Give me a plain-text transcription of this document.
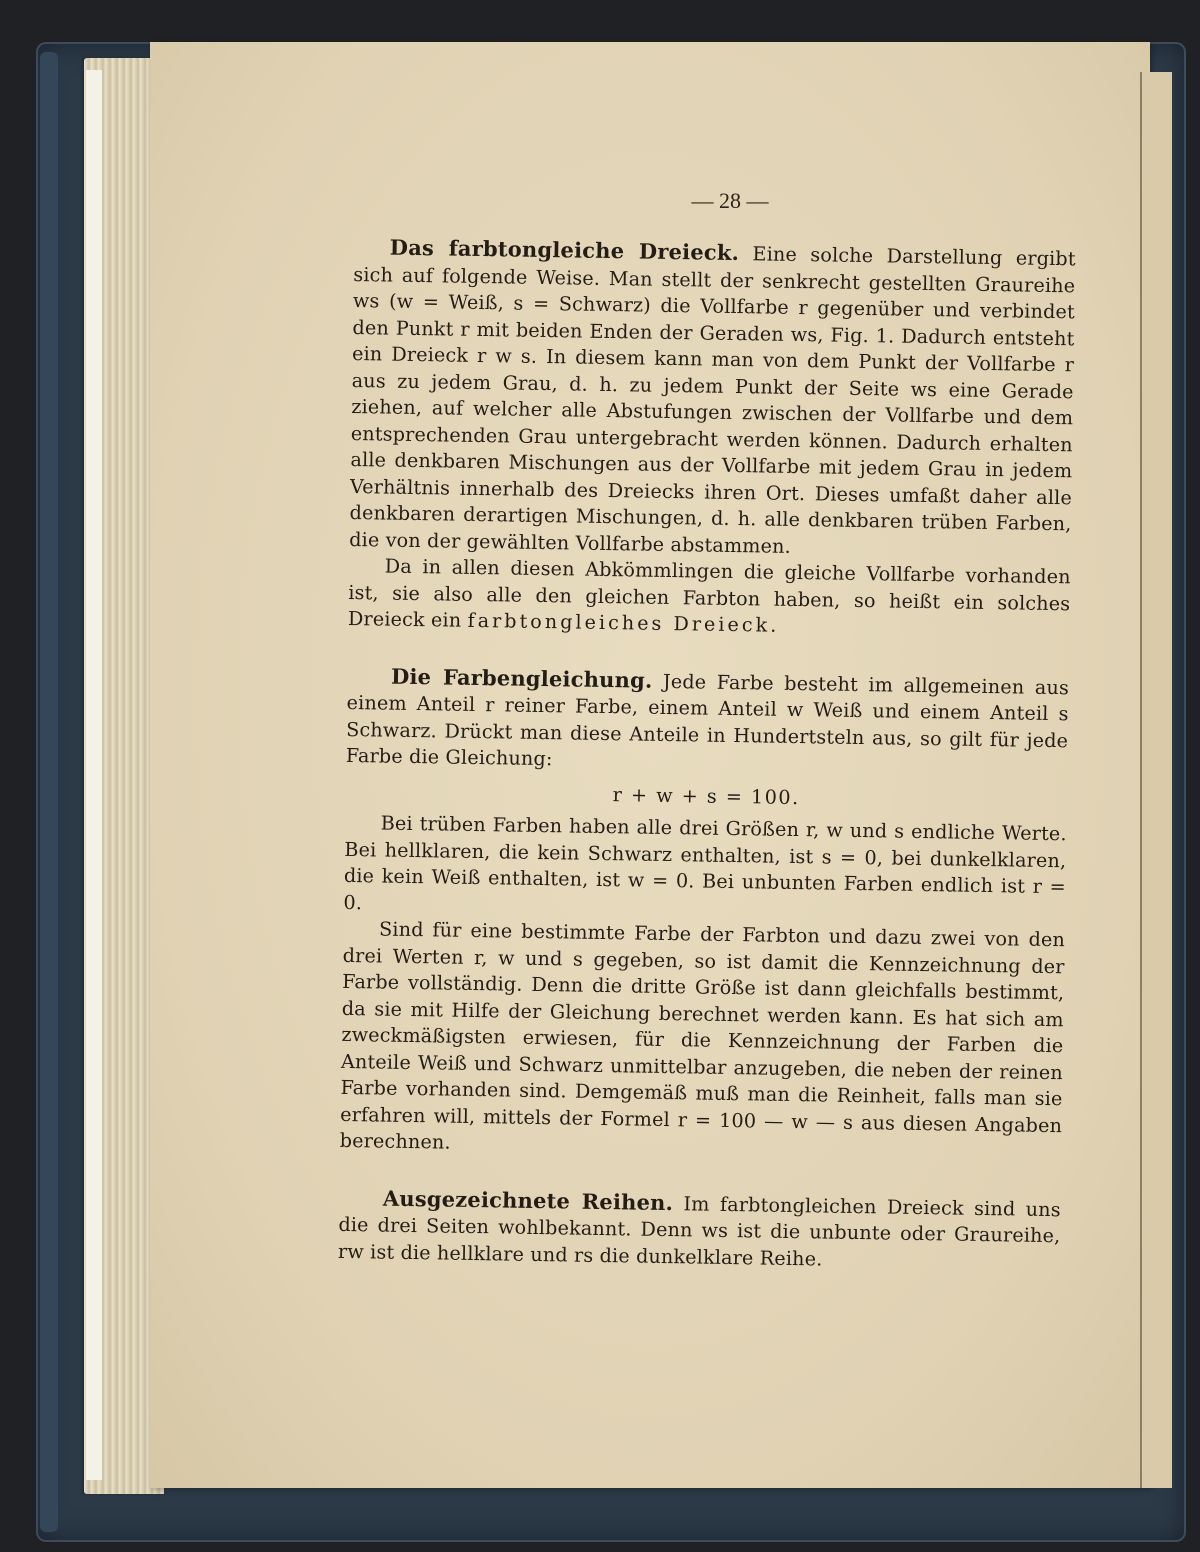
— 28 —

Das farbtongleiche Dreieck. Eine solche Darstellung ergibt sich auf folgende Weise. Man stellt der senkrecht gestellten Graureihe ws (w = Weiß, s = Schwarz) die Vollfarbe r gegenüber und verbindet den Punkt r mit beiden Enden der Geraden ws, Fig. 1. Dadurch entsteht ein Dreieck r w s. In diesem kann man von dem Punkt der Vollfarbe r aus zu jedem Grau, d. h. zu jedem Punkt der Seite ws eine Gerade ziehen, auf welcher alle Abstufungen zwischen der Vollfarbe und dem entsprechenden Grau untergebracht werden können. Dadurch erhalten alle denkbaren Mischungen aus der Vollfarbe mit jedem Grau in jedem Verhältnis innerhalb des Dreiecks ihren Ort. Dieses umfaßt daher alle denkbaren derartigen Mischungen, d. h. alle denkbaren trüben Farben, die von der gewählten Vollfarbe abstammen.

Da in allen diesen Abkömmlingen die gleiche Vollfarbe vorhanden ist, sie also alle den gleichen Farbton haben, so heißt ein solches Dreieck ein farbtongleiches Dreieck.

Die Farbengleichung. Jede Farbe besteht im allgemeinen aus einem Anteil r reiner Farbe, einem Anteil w Weiß und einem Anteil s Schwarz. Drückt man diese Anteile in Hundertsteln aus, so gilt für jede Farbe die Gleichung:

r + w + s = 100.

Bei trüben Farben haben alle drei Größen r, w und s endliche Werte. Bei hellklaren, die kein Schwarz enthalten, ist s = 0, bei dunkelklaren, die kein Weiß enthalten, ist w = 0. Bei unbunten Farben endlich ist r = 0.

Sind für eine bestimmte Farbe der Farbton und dazu zwei von den drei Werten r, w und s gegeben, so ist damit die Kennzeichnung der Farbe vollständig. Denn die dritte Größe ist dann gleichfalls bestimmt, da sie mit Hilfe der Gleichung berechnet werden kann. Es hat sich am zweckmäßigsten erwiesen, für die Kennzeichnung der Farben die Anteile Weiß und Schwarz unmittelbar anzugeben, die neben der reinen Farbe vorhanden sind. Demgemäß muß man die Reinheit, falls man sie erfahren will, mittels der Formel r = 100 — w — s aus diesen Angaben berechnen.

Ausgezeichnete Reihen. Im farbtongleichen Dreieck sind uns die drei Seiten wohlbekannt. Denn ws ist die unbunte oder Graureihe, rw ist die hellklare und rs die dunkelklare Reihe.
